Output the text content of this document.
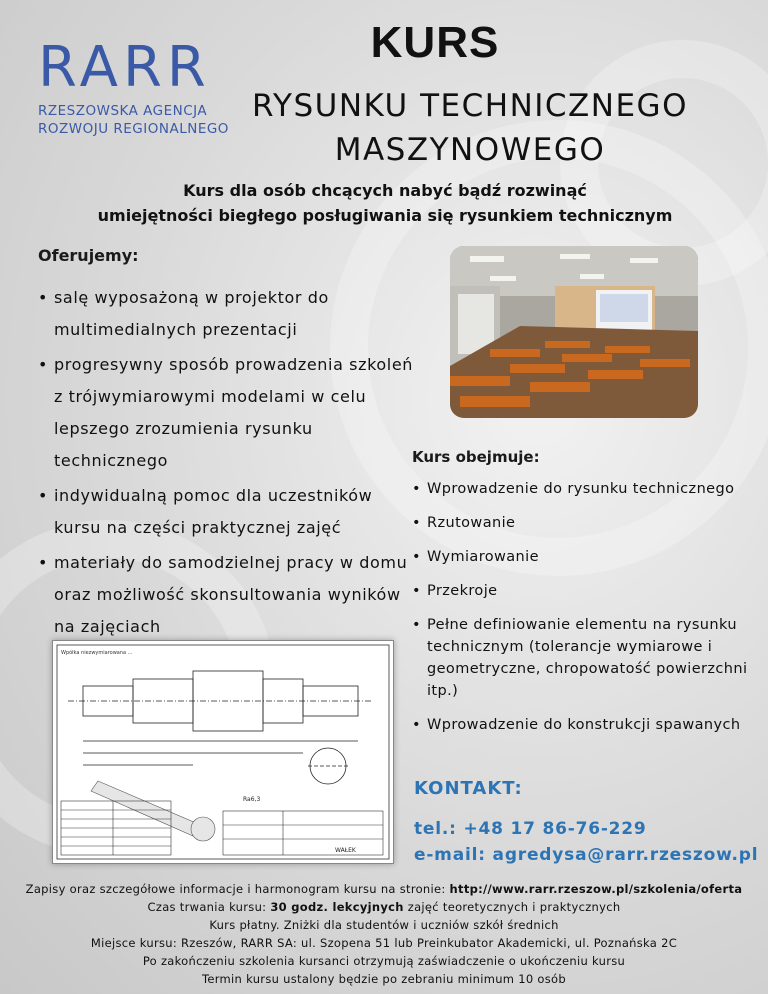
RARR
RZESZOWSKA AGENCJA
ROZWOJU REGIONALNEGO
KURS
RYSUNKU TECHNICZNEGO
MASZYNOWEGO
Kurs dla osób chcących nabyć bądź rozwinąć
umiejętności biegłego posługiwania się rysunkiem technicznym
Oferujemy:
• salę wyposażoną w projektor do multimedialnych prezentacji
• progresywny sposób prowadzenia szkoleń z trójwymiarowymi modelami w celu lepszego zrozumienia rysunku technicznego
• indywidualną pomoc dla uczestników kursu na części praktycznej zajęć
• materiały do samodzielnej pracy w domu oraz możliwość skonsultowania wyników na zajęciach
Kurs obejmuje:
• Wprowadzenie do rysunku technicznego
• Rzutowanie
• Wymiarowanie
• Przekroje
• Pełne definiowanie elementu na rysunku technicznym (tolerancje wymiarowe i geometryczne, chropowatość powierzchni itp.)
• Wprowadzenie do konstrukcji spawanych
Wpółka niezwymiarowana ...
Ra6,3
WAŁEK
KONTAKT:
tel.: +48 17 86-76-229
e-mail: agredysa@rarr.rzeszow.pl
Zapisy oraz szczegółowe informacje i harmonogram kursu na stronie: http://www.rarr.rzeszow.pl/szkolenia/oferta
Czas trwania kursu: 30 godz. lekcyjnych zajęć teoretycznych i praktycznych
Kurs płatny. Zniżki dla studentów i uczniów szkół średnich
Miejsce kursu: Rzeszów, RARR SA: ul. Szopena 51 lub Preinkubator Akademicki, ul. Poznańska 2C
Po zakończeniu szkolenia kursanci otrzymują zaświadczenie o ukończeniu kursu
Termin kursu ustalony będzie po zebraniu minimum 10 osób
